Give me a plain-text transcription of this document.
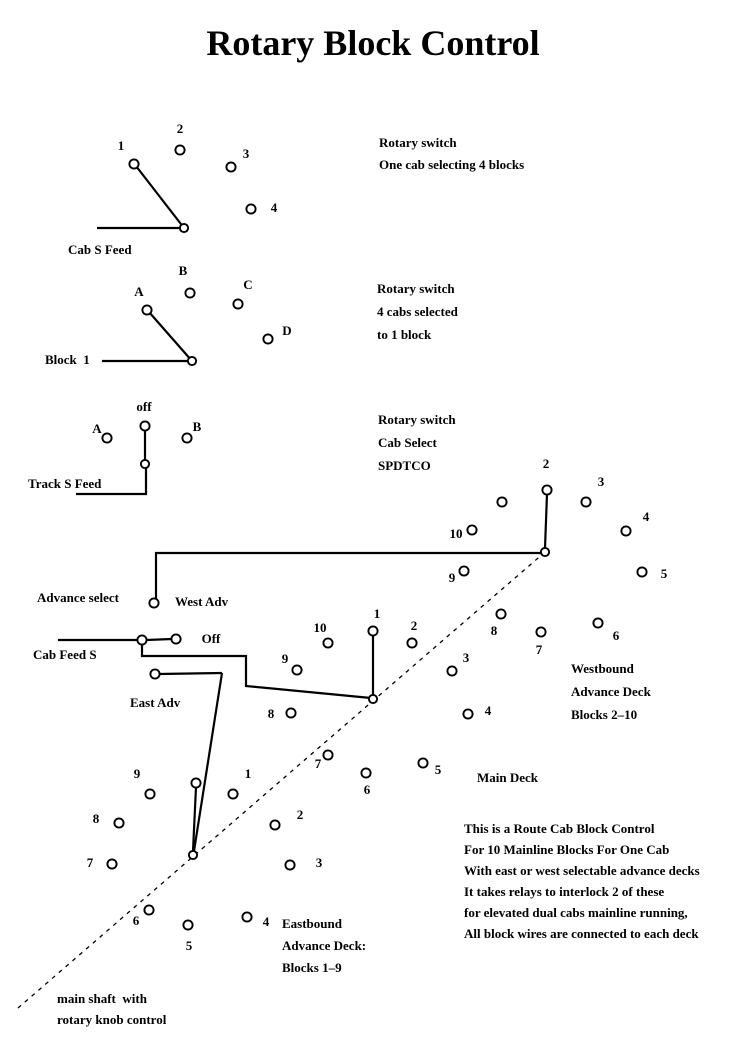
Rotary Block Control
1
2
3
4
Cab S Feed
Rotary switch
One cab selecting 4 blocks
A
B
C
D
Block  1
Rotary switch
4 cabs selected
to 1 block
off
A	B
Track S Feed
Rotary switch
Cab Select
SPDTCO	2
3
4
5
6
7
8
9
10
Advance select	West Adv
Westbound
Advance Deck
Blocks 2–10
Off
1
2
3
4
5
6
7
8
9
10
Cab Feed S
Main Deck
1
2
3
4
5
6
7
8
9
East Adv
Eastbound
Advance Deck:
Blocks 1–9
main shaft  with
rotary knob control
This is a Route Cab Block Control
For 10 Mainline Blocks For One Cab
With east or west selectable advance decks
It takes relays to interlock 2 of these
for elevated dual cabs mainline running,
All block wires are connected to each deck
